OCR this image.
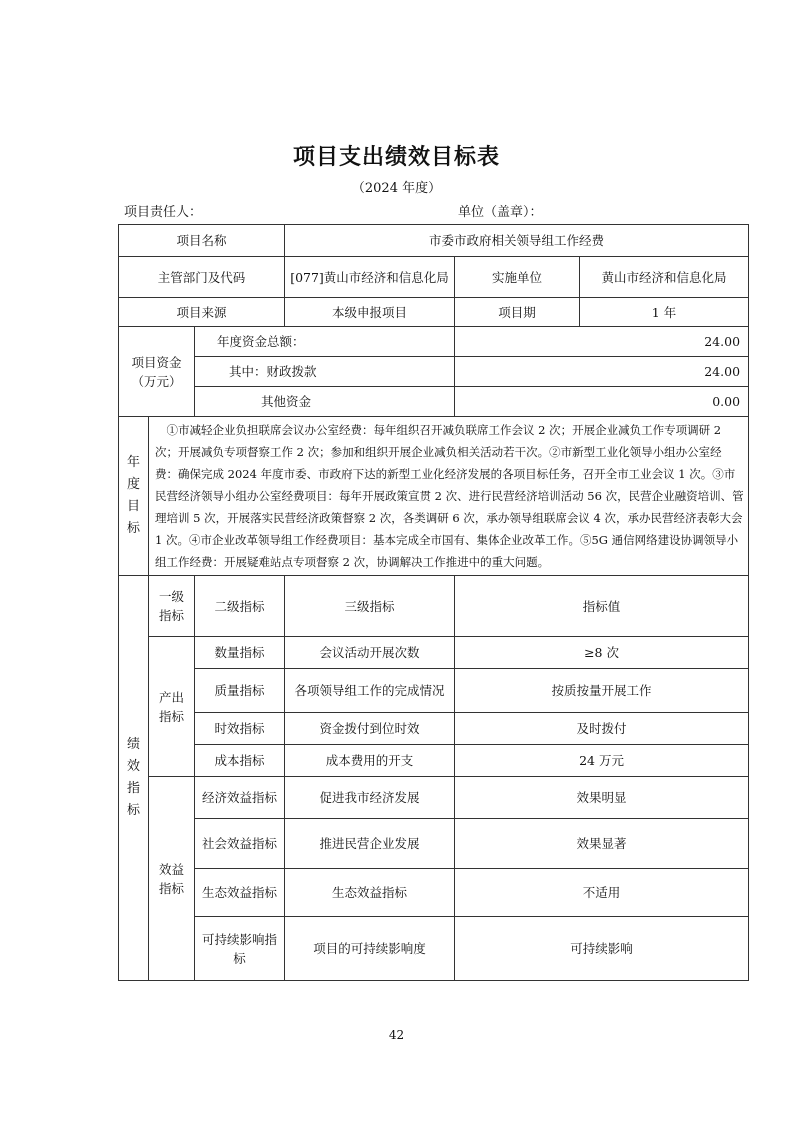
项目支出绩效目标表
（2024 年度）
项目责任人：	单位（盖章）：
项目名称			市委市政府相关领导组工作经费		
主管部门及代码			[077]黄山市经济和信息化局	实施单位	黄山市经济和信息化局
项目来源			本级申报项目	项目期	1 年
项目资金（万元）		年度资金总额：		24.00	
		其中：财政拨款		24.00	
		其他资金		0.00	
年度目标	①市减轻企业负担联席会议办公室经费：每年组织召开减负联席工作会议 2 次；开展企业减负工作专项调研 2 次；开展减负专项督察工作 2 次；参加和组织开展企业减负相关活动若干次。②市新型工业化领导小组办公室经费：确保完成 2024 年度市委、市政府下达的新型工业化经济发展的各项目标任务，召开全市工业会议 1 次。③市民营经济领导小组办公室经费项目：每年开展政策宣贯 2 次、进行民营经济培训活动 56 次，民营企业融资培训、管理培训 5 次，开展落实民营经济政策督察 2 次，各类调研 6 次，承办领导组联席会议 4 次，承办民营经济表彰大会 1 次。④市企业改革领导组工作经费项目：基本完成全市国有、集体企业改革工作。⑤5G 通信网络建设协调领导小组工作经费：开展疑难站点专项督察 2 次，协调解决工作推进中的重大问题。				
绩效指标	一级指标	二级指标	三级指标	指标值	
	产出指标	数量指标	会议活动开展次数	≥8 次	
		质量指标	各项领导组工作的完成情况	按质按量开展工作	
		时效指标	资金拨付到位时效	及时拨付	
		成本指标	成本费用的开支	24 万元	
	效益指标	经济效益指标	促进我市经济发展	效果明显	
		社会效益指标	推进民营企业发展	效果显著	
		生态效益指标	生态效益指标	不适用	
		可持续影响指标	项目的可持续影响度	可持续影响	
42
